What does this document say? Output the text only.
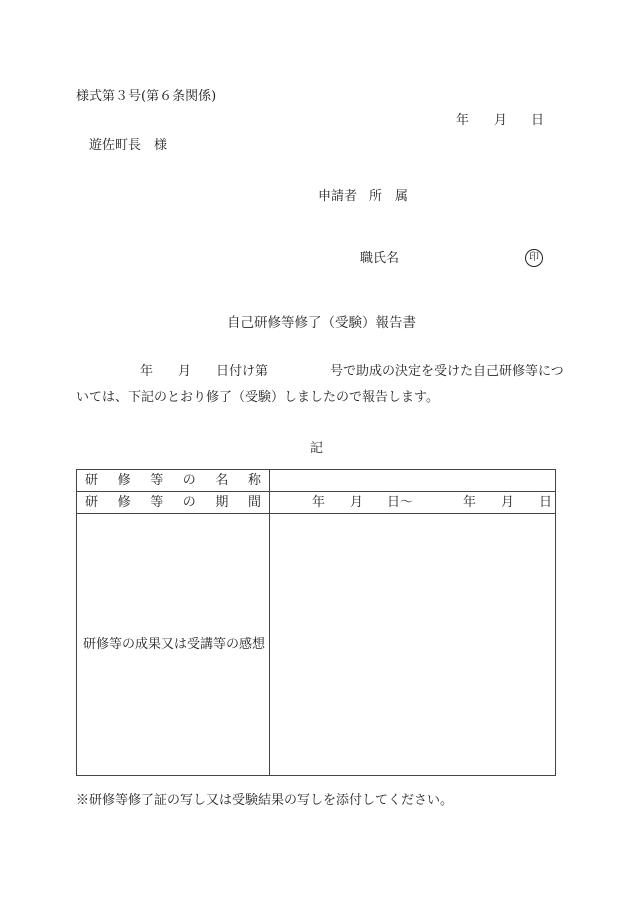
様式第３号(第６条関係)
年 月 日
遊佐町長　様
申請者 所　属
職氏名	印
自己研修等修了（受験）報告書
年 月 日付け第	号で助成の決定を受けた自己研修等につ
いては、下記のとおり修了（受験）しましたので報告します。
記
研 修 等 の 名 称
研 修 等 の 期 間	年 月 日〜	年 月 日
研修等の成果又は受講等の感想
※研修等修了証の写し又は受験結果の写しを添付してください。
